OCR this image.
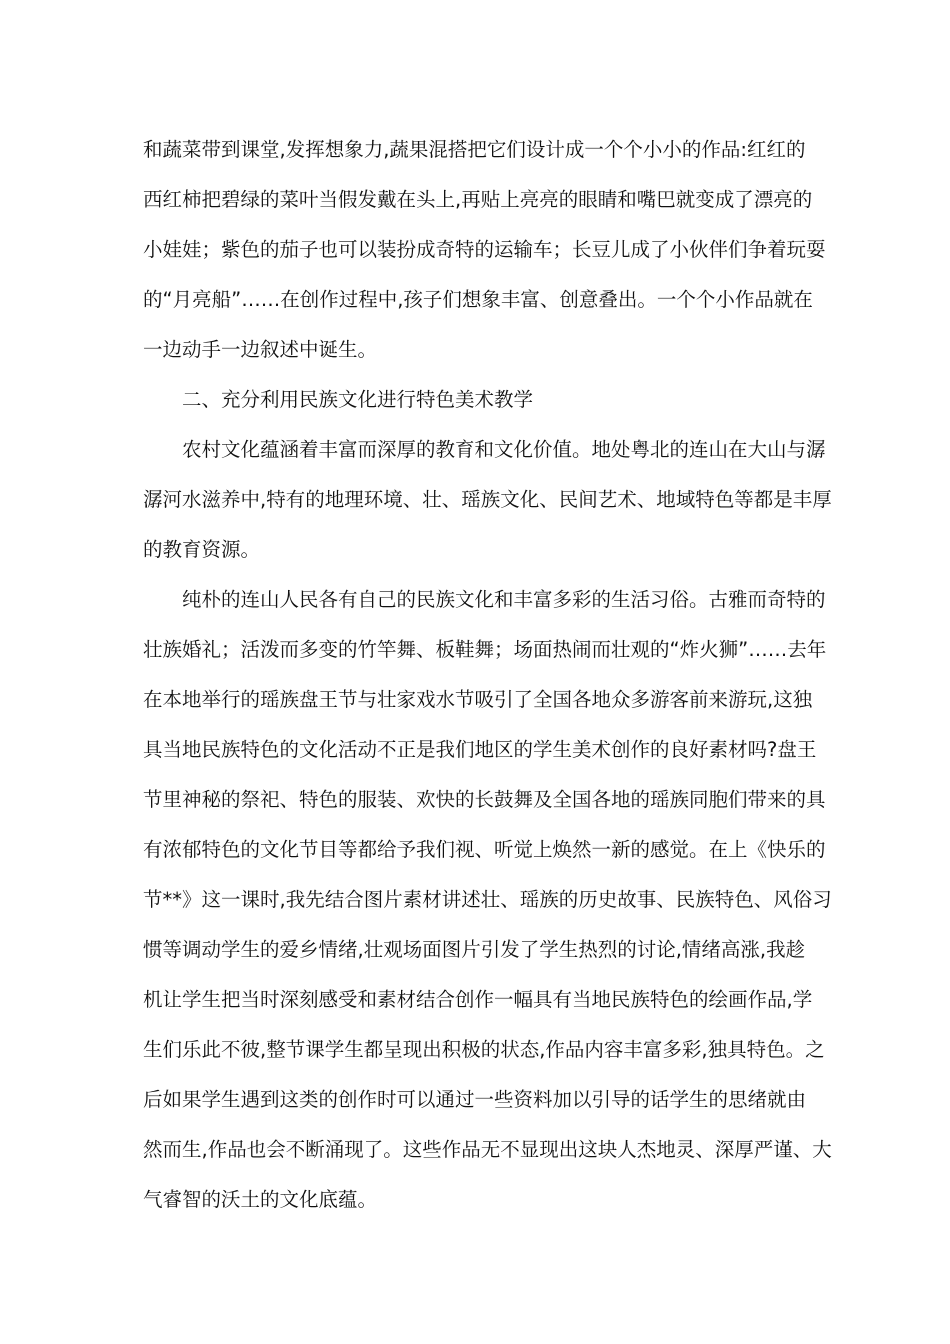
和蔬菜带到课堂,发挥想象力,蔬果混搭把它们设计成一个个小小的作品:红红的
西红柿把碧绿的菜叶当假发戴在头上,再贴上亮亮的眼睛和嘴巴就变成了漂亮的
小娃娃；紫色的茄子也可以装扮成奇特的运输车；长豆儿成了小伙伴们争着玩耍
的“月亮船”……在创作过程中,孩子们想象丰富、创意叠出。一个个小作品就在
一边动手一边叙述中诞生。
二、充分利用民族文化进行特色美术教学
农村文化蕴涵着丰富而深厚的教育和文化价值。地处粤北的连山在大山与潺
潺河水滋养中,特有的地理环境、壮、瑶族文化、民间艺术、地域特色等都是丰厚
的教育资源。
纯朴的连山人民各有自己的民族文化和丰富多彩的生活习俗。古雅而奇特的
壮族婚礼；活泼而多变的竹竿舞、板鞋舞；场面热闹而壮观的“炸火狮”……去年
在本地举行的瑶族盘王节与壮家戏水节吸引了全国各地众多游客前来游玩,这独
具当地民族特色的文化活动不正是我们地区的学生美术创作的良好素材吗?盘王
节里神秘的祭祀、特色的服装、欢快的长鼓舞及全国各地的瑶族同胞们带来的具
有浓郁特色的文化节目等都给予我们视、听觉上焕然一新的感觉。在上《快乐的
节**》这一课时,我先结合图片素材讲述壮、瑶族的历史故事、民族特色、风俗习
惯等调动学生的爱乡情绪,壮观场面图片引发了学生热烈的讨论,情绪高涨,我趁
机让学生把当时深刻感受和素材结合创作一幅具有当地民族特色的绘画作品,学
生们乐此不彼,整节课学生都呈现出积极的状态,作品内容丰富多彩,独具特色。之
后如果学生遇到这类的创作时可以通过一些资料加以引导的话学生的思绪就由
然而生,作品也会不断涌现了。这些作品无不显现出这块人杰地灵、深厚严谨、大
气睿智的沃土的文化底蕴。
